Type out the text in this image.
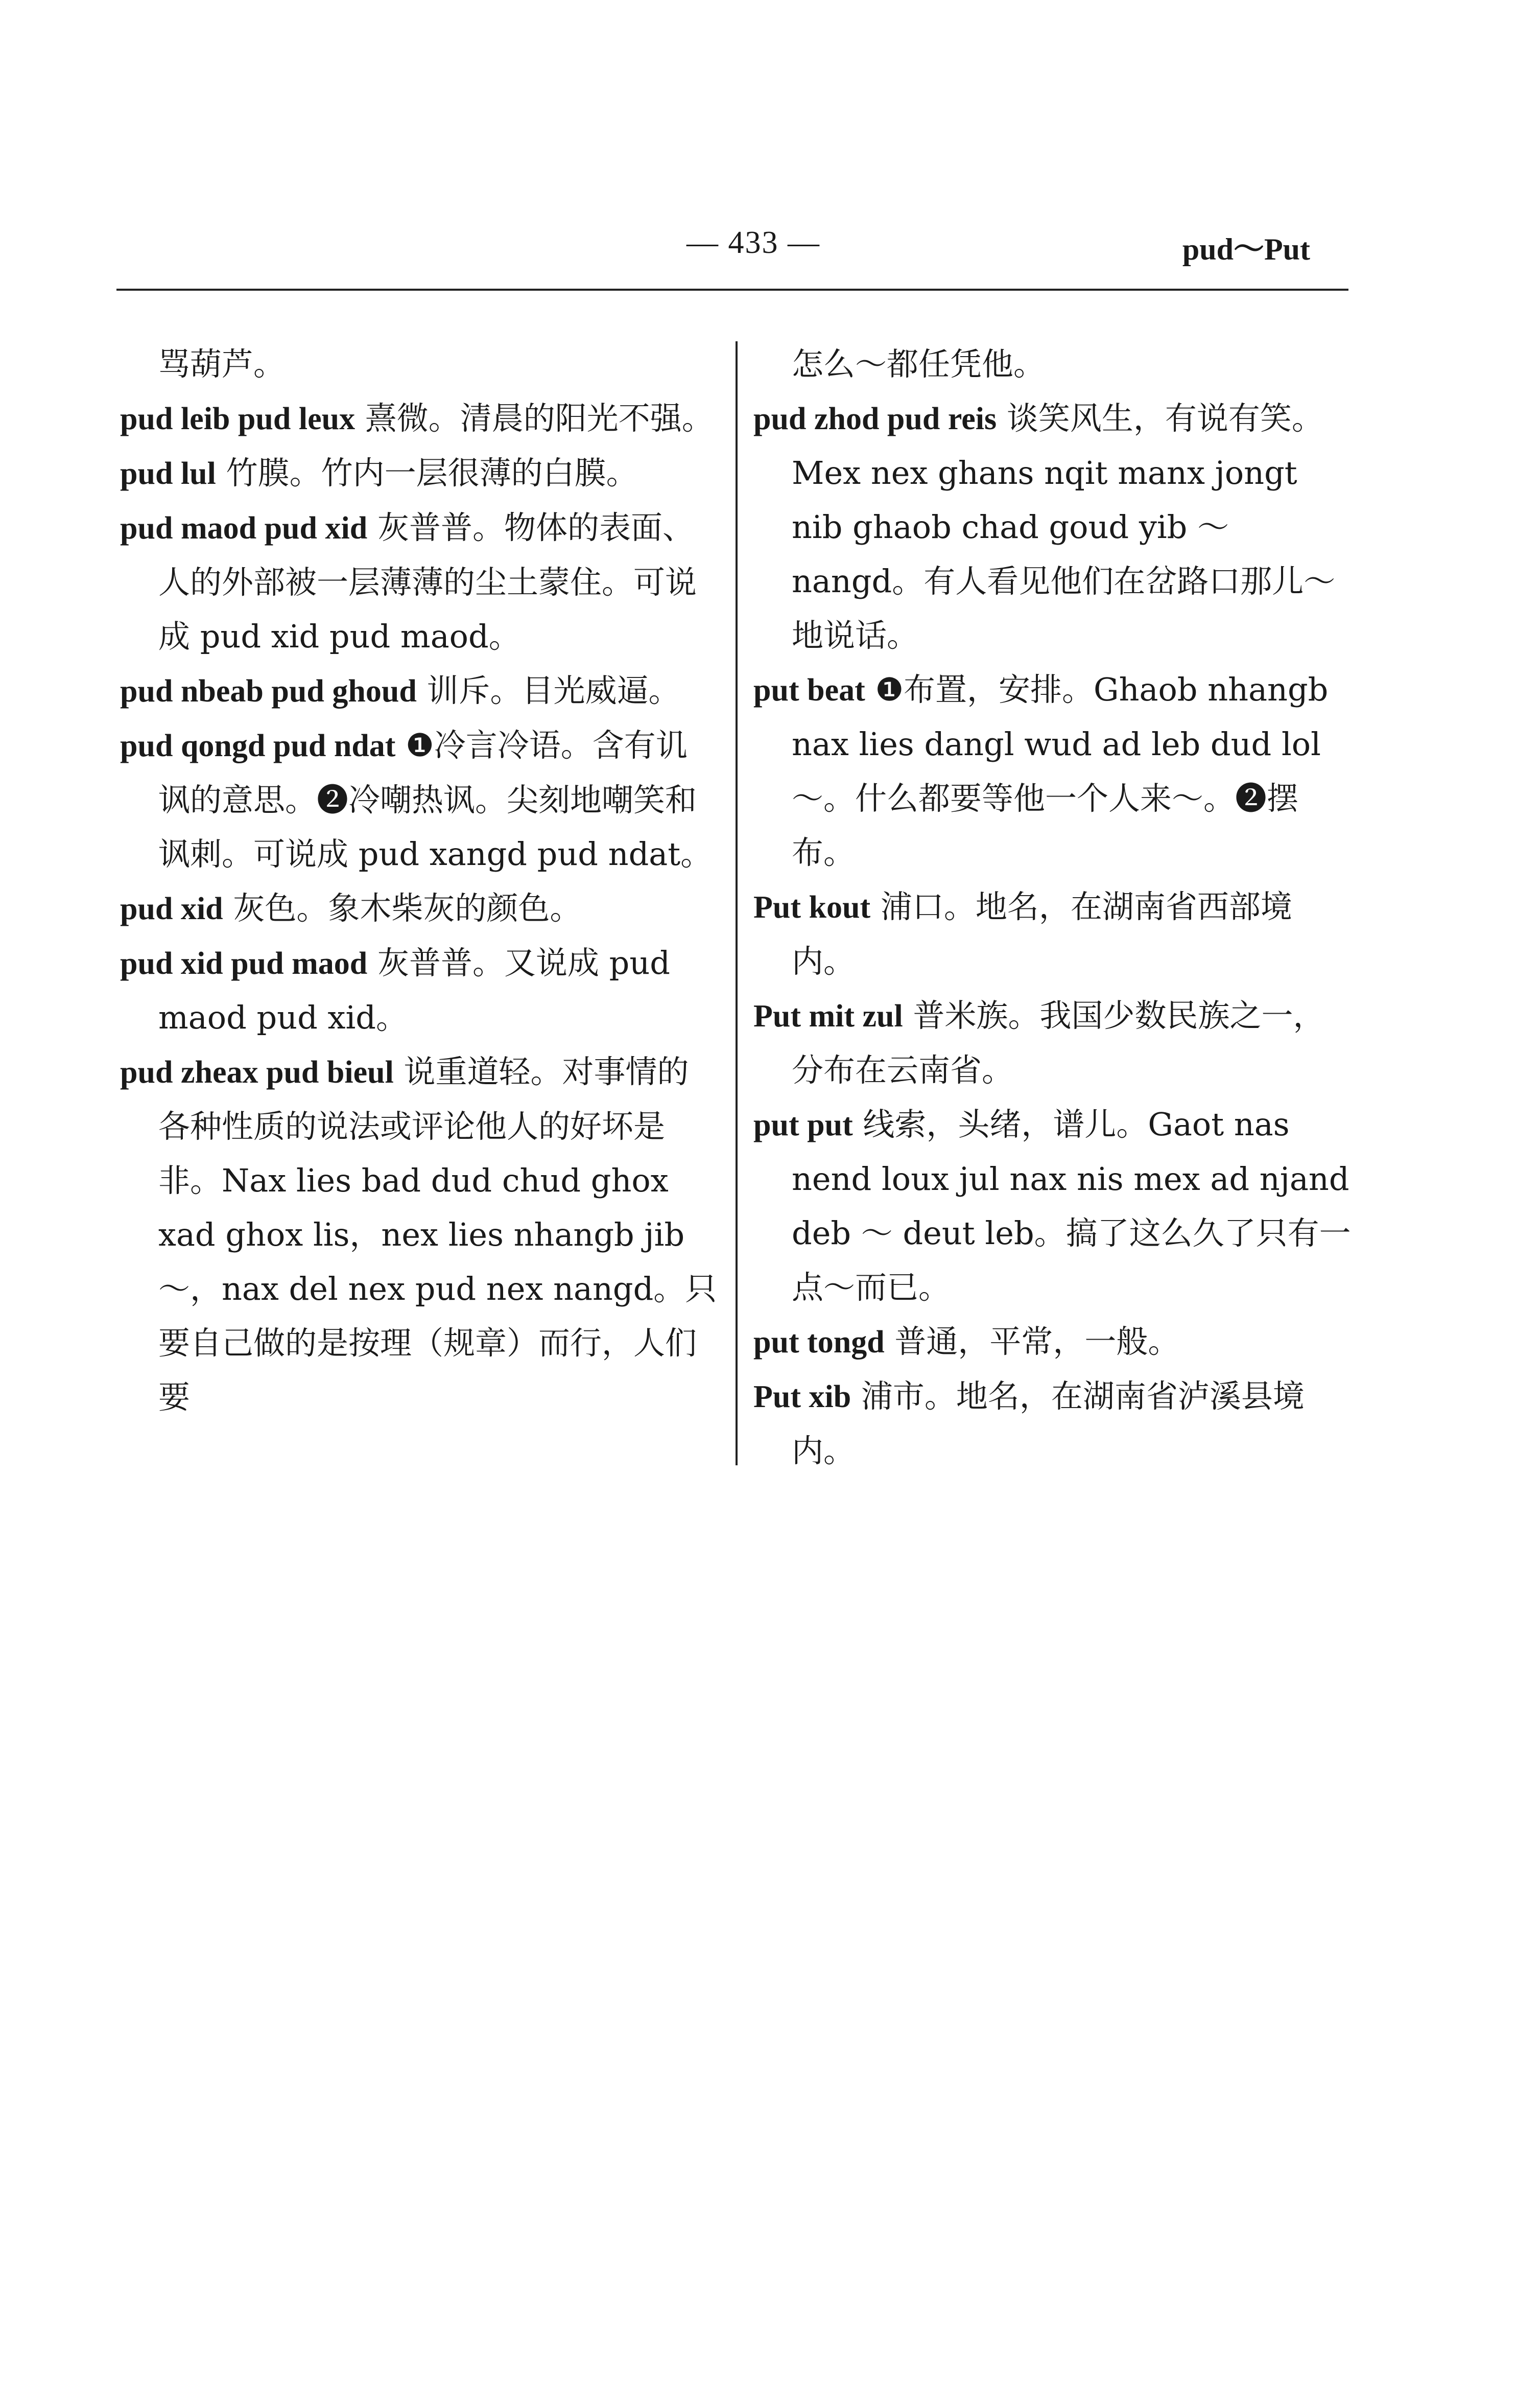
— 433 —	pud～Put

骂葫芦。

pud leib pud leux 熹微。清晨的阳光不强。

pud lul 竹膜。竹内一层很薄的白膜。

pud maod pud xid 灰普普。物体的表面、人的外部被一层薄薄的尘土蒙住。可说成 pud xid pud maod。

pud nbeab pud ghoud 训斥。目光威逼。

pud qongd pud ndat ❶冷言冷语。含有讥讽的意思。❷冷嘲热讽。尖刻地嘲笑和讽刺。可说成 pud xangd pud ndat。

pud xid 灰色。象木柴灰的颜色。

pud xid pud maod 灰普普。又说成 pud maod pud xid。

pud zheax pud bieul 说重道轻。对事情的各种性质的说法或评论他人的好坏是非。Nax lies bad dud chud ghox xad ghox lis，nex lies nhangb jib ～，nax del nex pud nex nangd。只要自己做的是按理（规章）而行，人们要

怎么～都任凭他。

pud zhod pud reis 谈笑风生，有说有笑。Mex nex ghans nqit manx jongt nib ghaob chad goud yib ～ nangd。有人看见他们在岔路口那儿～地说话。

put beat ❶布置，安排。Ghaob nhangb nax lies dangl wud ad leb dud lol ～。什么都要等他一个人来～。❷摆布。

Put kout 浦口。地名，在湖南省西部境内。

Put mit zul 普米族。我国少数民族之一，分布在云南省。

put put 线索，头绪，谱儿。Gaot nas nend loux jul nax nis mex ad njand deb ～ deut leb。搞了这么久了只有一点～而已。

put tongd 普通，平常，一般。

Put xib 浦市。地名，在湖南省泸溪县境内。
